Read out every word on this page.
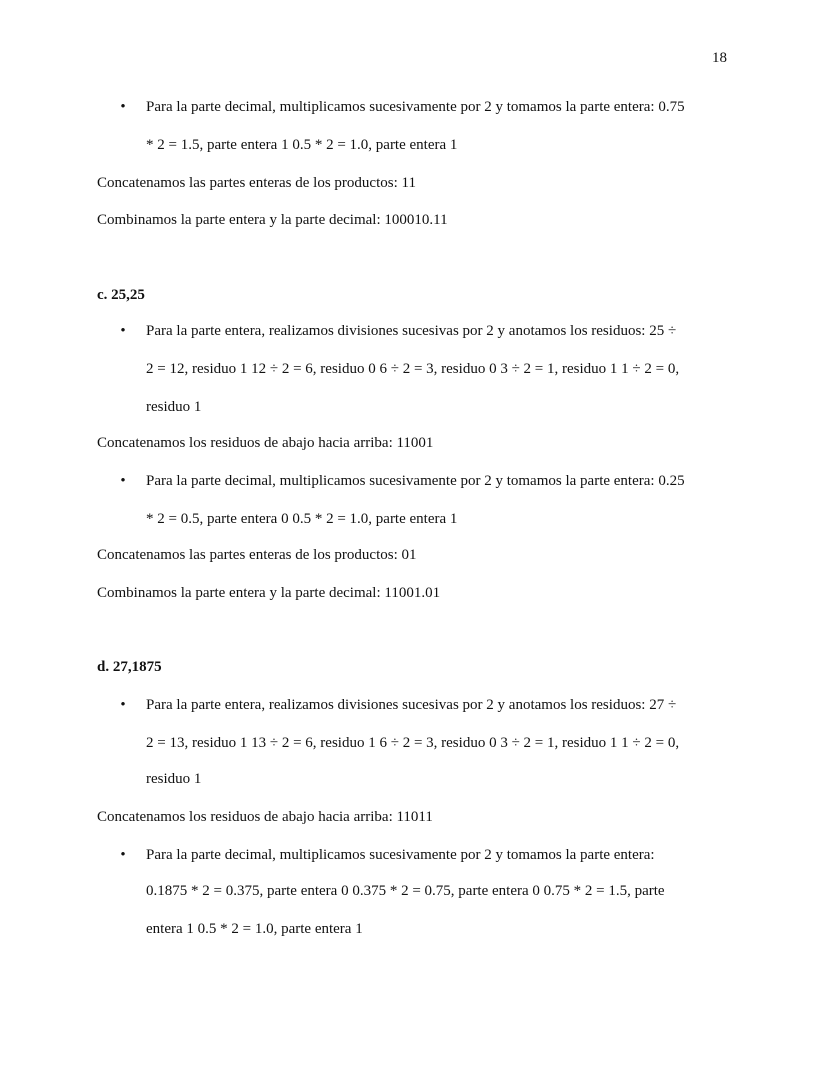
18
• Para la parte decimal, multiplicamos sucesivamente por 2 y tomamos la parte entera: 0.75
* 2 = 1.5, parte entera 1 0.5 * 2 = 1.0, parte entera 1
Concatenamos las partes enteras de los productos: 11
Combinamos la parte entera y la parte decimal: 100010.11
c. 25,25
• Para la parte entera, realizamos divisiones sucesivas por 2 y anotamos los residuos: 25 ÷
2 = 12, residuo 1 12 ÷ 2 = 6, residuo 0 6 ÷ 2 = 3, residuo 0 3 ÷ 2 = 1, residuo 1 1 ÷ 2 = 0,
residuo 1
Concatenamos los residuos de abajo hacia arriba: 11001
• Para la parte decimal, multiplicamos sucesivamente por 2 y tomamos la parte entera: 0.25
* 2 = 0.5, parte entera 0 0.5 * 2 = 1.0, parte entera 1
Concatenamos las partes enteras de los productos: 01
Combinamos la parte entera y la parte decimal: 11001.01
d. 27,1875
• Para la parte entera, realizamos divisiones sucesivas por 2 y anotamos los residuos: 27 ÷
2 = 13, residuo 1 13 ÷ 2 = 6, residuo 1 6 ÷ 2 = 3, residuo 0 3 ÷ 2 = 1, residuo 1 1 ÷ 2 = 0,
residuo 1
Concatenamos los residuos de abajo hacia arriba: 11011
• Para la parte decimal, multiplicamos sucesivamente por 2 y tomamos la parte entera:
0.1875 * 2 = 0.375, parte entera 0 0.375 * 2 = 0.75, parte entera 0 0.75 * 2 = 1.5, parte
entera 1 0.5 * 2 = 1.0, parte entera 1
